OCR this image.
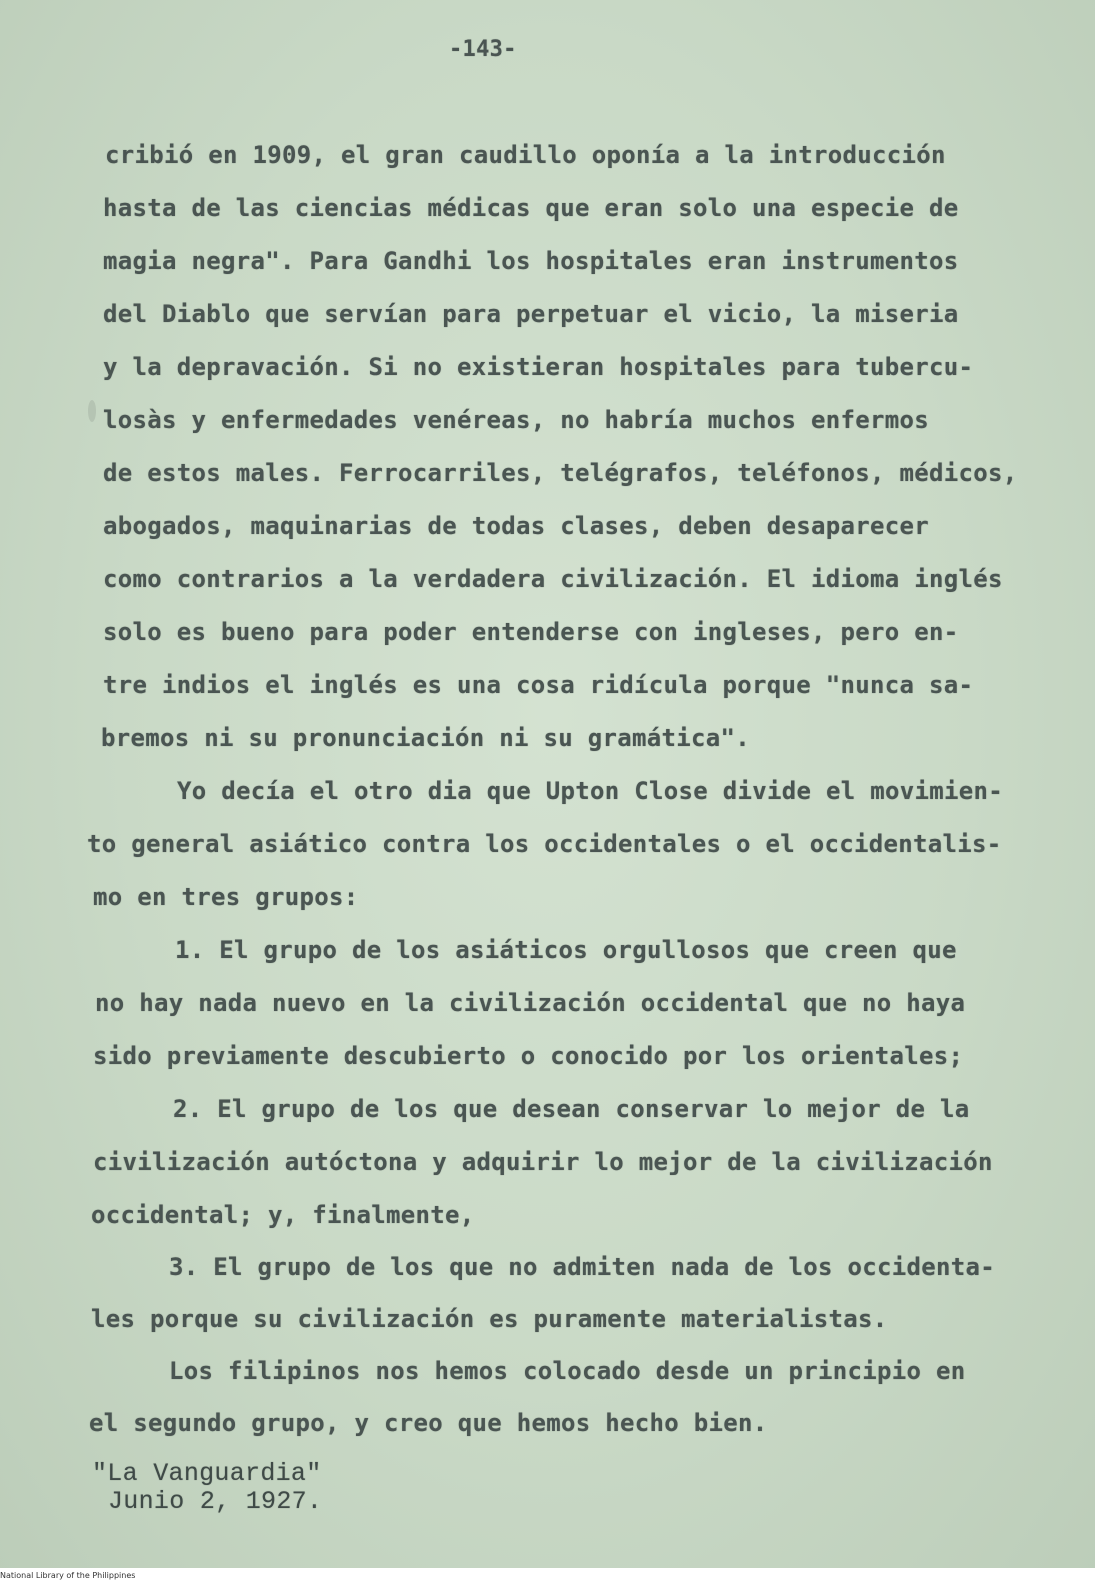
-143-
cribió en 1909, el gran caudillo oponía a la introducción
hasta de las ciencias médicas que eran solo una especie de
magia negra". Para Gandhi los hospitales eran instrumentos
del Diablo que servían para perpetuar el vicio, la miseria
y la depravación. Si no existieran hospitales para tubercu-
losàs y enfermedades venéreas, no habría muchos enfermos
de estos males. Ferrocarriles, telégrafos, teléfonos, médicos,
abogados, maquinarias de todas clases, deben desaparecer
como contrarios a la verdadera civilización. El idioma inglés
solo es bueno para poder entenderse con ingleses, pero en-
tre indios el inglés es una cosa ridícula porque "nunca sa-
bremos ni su pronunciación ni su gramática".
Yo decía el otro dia que Upton Close divide el movimien-
to general asiático contra los occidentales o el occidentalis-
mo en tres grupos:
1. El grupo de los asiáticos orgullosos que creen que
no hay nada nuevo en la civilización occidental que no haya
sido previamente descubierto o conocido por los orientales;
2. El grupo de los que desean conservar lo mejor de la
civilización autóctona y adquirir lo mejor de la civilización
occidental; y, finalmente,
3. El grupo de los que no admiten nada de los occidenta-
les porque su civilización es puramente materialistas.
Los filipinos nos hemos colocado desde un principio en
el segundo grupo, y creo que hemos hecho bien.
"La Vanguardia"
Junio 2, 1927.
National Library of the Philippines
